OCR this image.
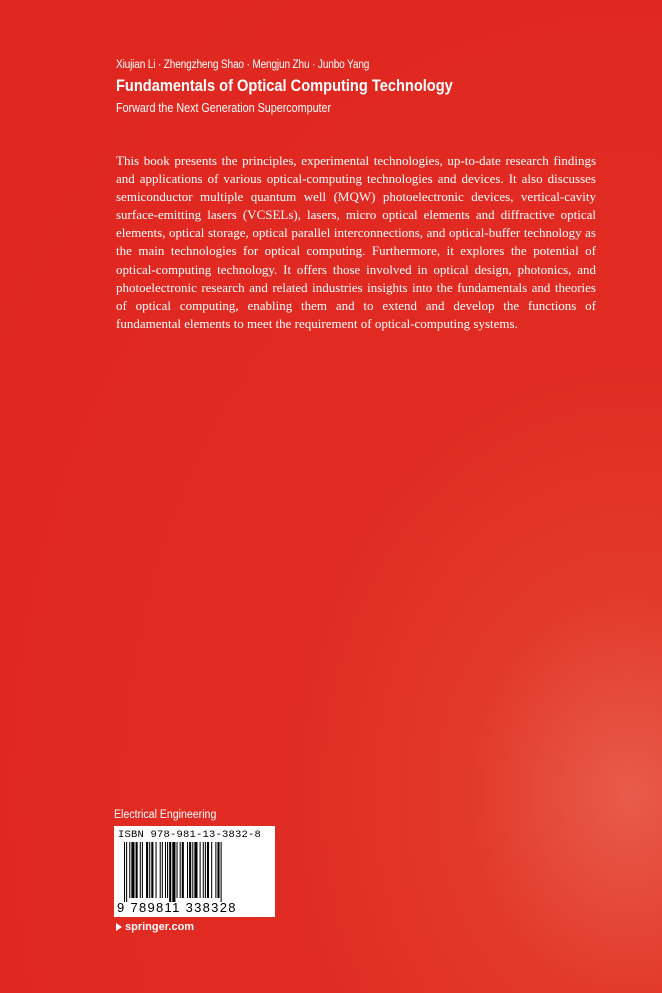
Xiujian Li · Zhengzheng Shao · Mengjun Zhu · Junbo Yang
Fundamentals of Optical Computing Technology
Forward the Next Generation Supercomputer

This book presents the principles, experimental technologies, up-to-date research findings and applications of various optical-computing technologies and devices. It also discusses semiconductor multiple quantum well (MQW) photoelectronic devices, vertical-cavity surface-emitting lasers (VCSELs), lasers, micro optical elements and diffractive optical elements, optical storage, optical parallel interconnections, and optical-buffer technology as the main technologies for optical computing. Furthermore, it explores the potential of optical-computing technology. It offers those involved in optical design, photonics, and photoelectronic research and related industries insights into the fundamentals and theories of optical computing, enabling them and to extend and develop the functions of fundamental elements to meet the requirement of optical-computing systems.

Electrical Engineering
ISBN 978-981-13-3832-8
9 789811 338328
springer.com
